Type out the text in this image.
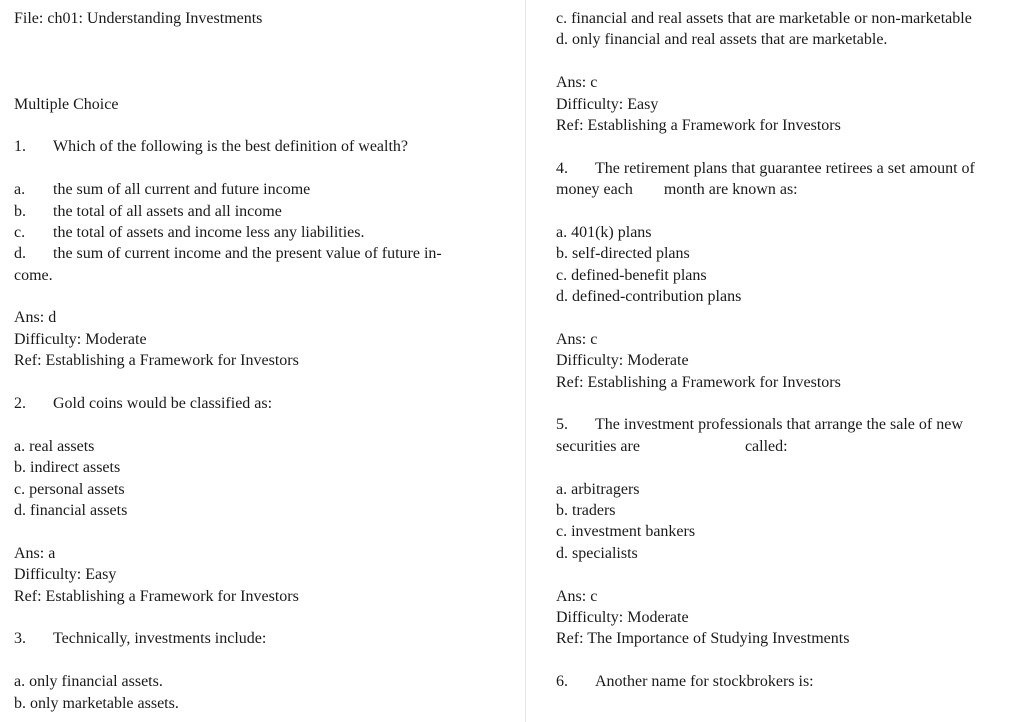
File: ch01: Understanding Investments
Multiple Choice
1. Which of the following is the best definition of wealth?
a. the sum of all current and future income
b. the total of all assets and all income
c. the total of assets and income less any liabilities.
d. the sum of current income and the present value of future in-
come.
Ans: d
Difficulty: Moderate
Ref: Establishing a Framework for Investors
2. Gold coins would be classified as:
a. real assets
b. indirect assets
c. personal assets
d. financial assets
Ans: a
Difficulty: Easy
Ref: Establishing a Framework for Investors
3. Technically, investments include:
a. only financial assets.
b. only marketable assets.
c. financial and real assets that are marketable or non-marketable
d. only financial and real assets that are marketable.
Ans: c
Difficulty: Easy
Ref: Establishing a Framework for Investors
4. The retirement plans that guarantee retirees a set amount of
money each month are known as:
a. 401(k) plans
b. self-directed plans
c. defined-benefit plans
d. defined-contribution plans
Ans: c
Difficulty: Moderate
Ref: Establishing a Framework for Investors
5. The investment professionals that arrange the sale of new
securities are	called:
a. arbitragers
b. traders
c. investment bankers
d. specialists
Ans: c
Difficulty: Moderate
Ref: The Importance of Studying Investments
6. Another name for stockbrokers is:
